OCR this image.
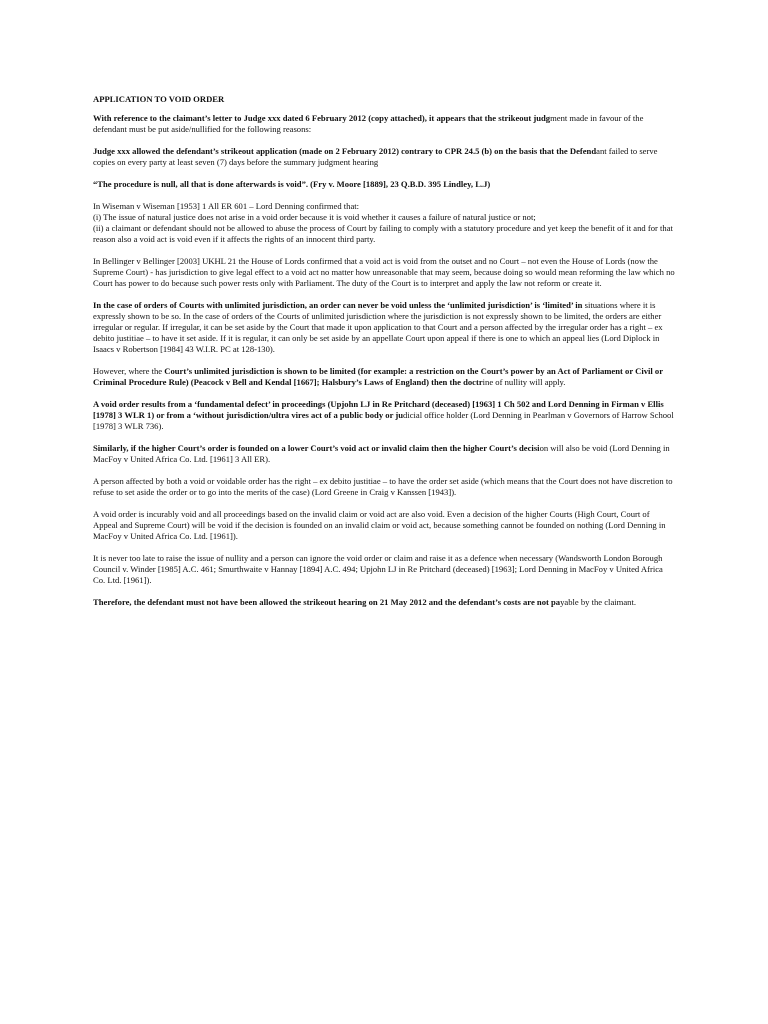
APPLICATION TO VOID ORDER

With reference to the claimant’s letter to Judge xxx dated 6 February 2012 (copy attached), it appears that the strikeout judgment made in favour of the defendant must be put aside/nullified for the following reasons:

Judge xxx allowed the defendant’s strikeout application (made on 2 February 2012) contrary to CPR 24.5 (b) on the basis that the Defendant failed to serve copies on every party at least seven (7) days before the summary judgment hearing

“The procedure is null, all that is done afterwards is void”. (Fry v. Moore [1889], 23 Q.B.D. 395 Lindley, L.J)

In Wiseman v Wiseman [1953] 1 All ER 601 – Lord Denning confirmed that:
(i) The issue of natural justice does not arise in a void order because it is void whether it causes a failure of natural justice or not;
(ii) a claimant or defendant should not be allowed to abuse the process of Court by failing to comply with a statutory procedure and yet keep the benefit of it and for that reason also a void act is void even if it affects the rights of an innocent third party.

In Bellinger v Bellinger [2003] UKHL 21 the House of Lords confirmed that a void act is void from the outset and no Court – not even the House of Lords (now the Supreme Court) - has jurisdiction to give legal effect to a void act no matter how unreasonable that may seem, because doing so would mean reforming the law which no Court has power to do because such power rests only with Parliament. The duty of the Court is to interpret and apply the law not reform or create it.

In the case of orders of Courts with unlimited jurisdiction, an order can never be void unless the ‘unlimited jurisdiction’ is ‘limited’ in situations where it is expressly shown to be so. In the case of orders of the Courts of unlimited jurisdiction where the jurisdiction is not expressly shown to be limited, the orders are either irregular or regular. If irregular, it can be set aside by the Court that made it upon application to that Court and a person affected by the irregular order has a right – ex debito justitiae – to have it set aside. If it is regular, it can only be set aside by an appellate Court upon appeal if there is one to which an appeal lies (Lord Diplock in Isaacs v Robertson [1984] 43 W.I.R. PC at 128-130).

However, where the Court’s unlimited jurisdiction is shown to be limited (for example: a restriction on the Court’s power by an Act of Parliament or Civil or Criminal Procedure Rule) (Peacock v Bell and Kendal [1667]; Halsbury’s Laws of England) then the doctrine of nullity will apply.

A void order results from a ‘fundamental defect’ in proceedings (Upjohn LJ in Re Pritchard (deceased) [1963] 1 Ch 502 and Lord Denning in Firman v Ellis [1978] 3 WLR 1) or from a ‘without jurisdiction/ultra vires act of a public body or judicial office holder (Lord Denning in Pearlman v Governors of Harrow School [1978] 3 WLR 736).

Similarly, if the higher Court’s order is founded on a lower Court’s void act or invalid claim then the higher Court’s decision will also be void (Lord Denning in MacFoy v United Africa Co. Ltd. [1961] 3 All ER).

A person affected by both a void or voidable order has the right – ex debito justitiae – to have the order set aside (which means that the Court does not have discretion to refuse to set aside the order or to go into the merits of the case) (Lord Greene in Craig v Kanssen [1943]).

A void order is incurably void and all proceedings based on the invalid claim or void act are also void. Even a decision of the higher Courts (High Court, Court of Appeal and Supreme Court) will be void if the decision is founded on an invalid claim or void act, because something cannot be founded on nothing (Lord Denning in MacFoy v United Africa Co. Ltd. [1961]).

It is never too late to raise the issue of nullity and a person can ignore the void order or claim and raise it as a defence when necessary (Wandsworth London Borough Council v. Winder [1985] A.C. 461; Smurthwaite v Hannay [1894] A.C. 494; Upjohn LJ in Re Pritchard (deceased) [1963]; Lord Denning in MacFoy v United Africa Co. Ltd. [1961]).

Therefore, the defendant must not have been allowed the strikeout hearing on 21 May 2012 and the defendant’s costs are not payable by the claimant.
